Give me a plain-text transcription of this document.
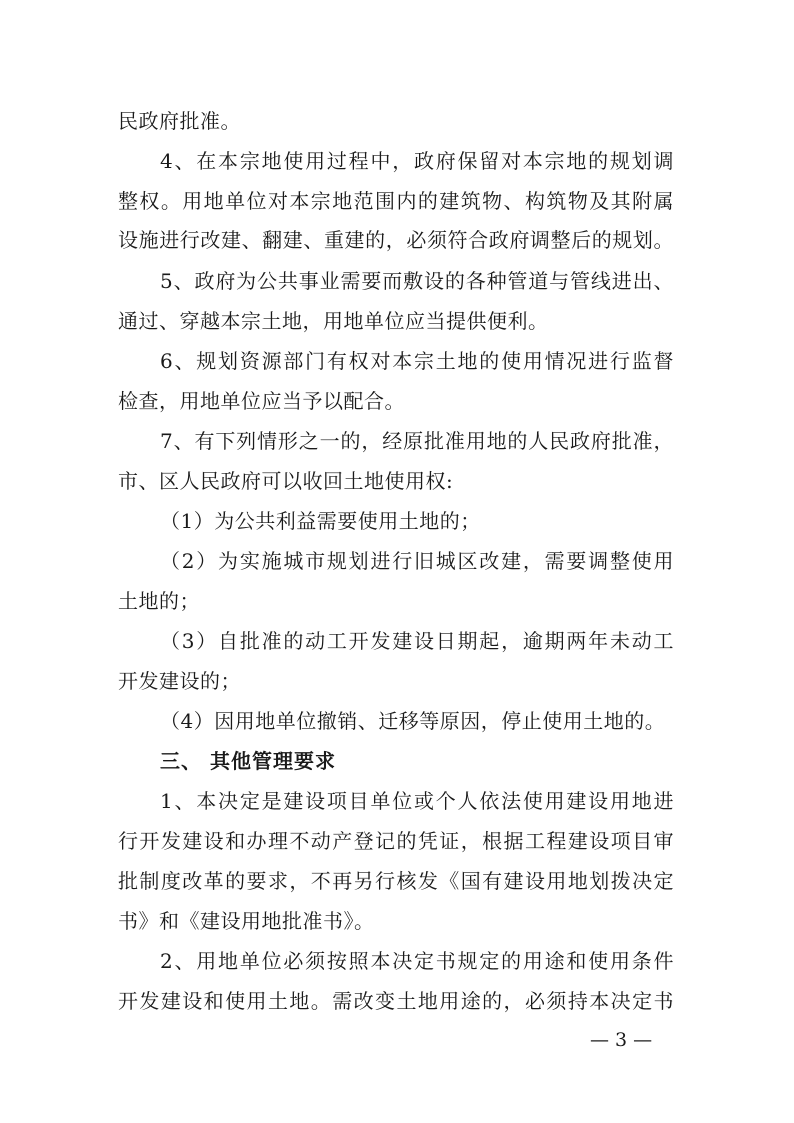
民政府批准。
4、在本宗地使用过程中，政府保留对本宗地的规划调
整权。用地单位对本宗地范围内的建筑物、构筑物及其附属
设施进行改建、翻建、重建的，必须符合政府调整后的规划。
5、政府为公共事业需要而敷设的各种管道与管线进出、
通过、穿越本宗土地，用地单位应当提供便利。
6、规划资源部门有权对本宗土地的使用情况进行监督
检查，用地单位应当予以配合。
7、有下列情形之一的，经原批准用地的人民政府批准，
市、区人民政府可以收回土地使用权:
（1）为公共利益需要使用土地的；
（2）为实施城市规划进行旧城区改建，需要调整使用
土地的；
（3）自批准的动工开发建设日期起，逾期两年未动工
开发建设的；
（4）因用地单位撤销、迁移等原因，停止使用土地的。
三、 其他管理要求
1、本决定是建设项目单位或个人依法使用建设用地进
行开发建设和办理不动产登记的凭证，根据工程建设项目审
批制度改革的要求，不再另行核发《国有建设用地划拨决定
书》和《建设用地批准书》。
2、用地单位必须按照本决定书规定的用途和使用条件
开发建设和使用土地。需改变土地用途的，必须持本决定书
— 3 —
